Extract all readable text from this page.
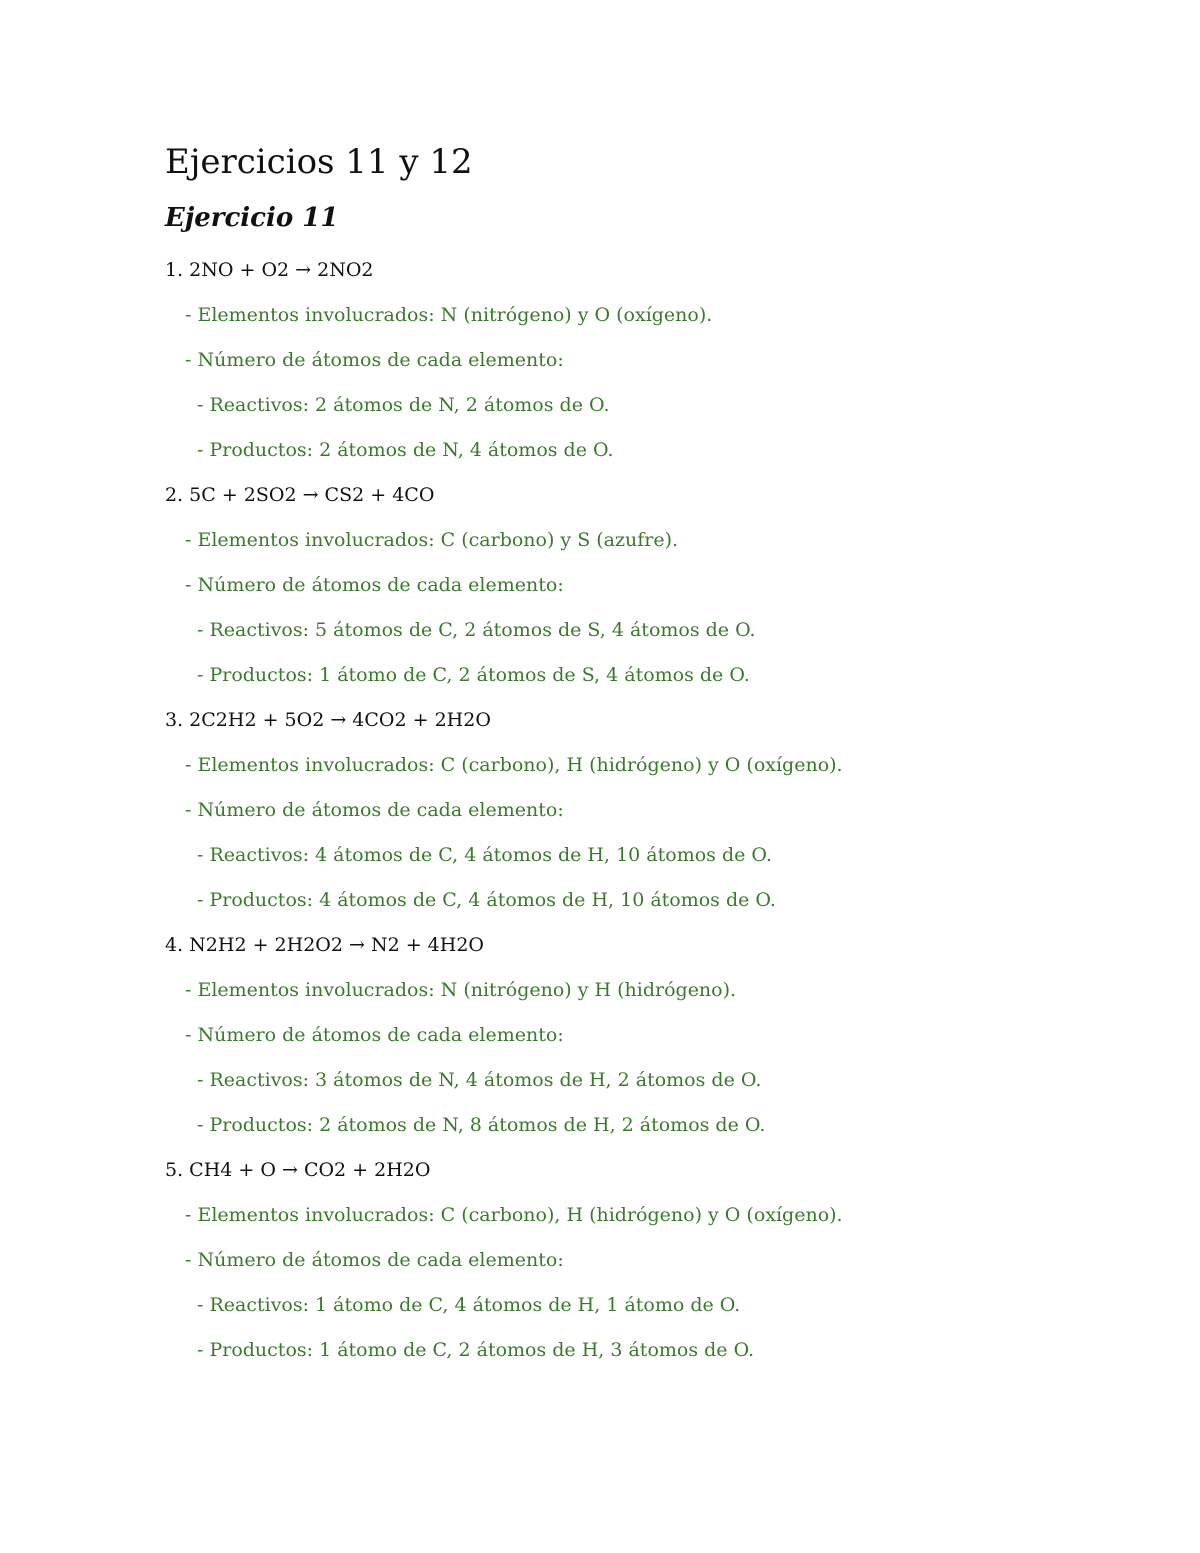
Ejercicios 11 y 12
Ejercicio 11
1. 2NO + O2 → 2NO2
- Elementos involucrados: N (nitrógeno) y O (oxígeno).
- Número de átomos de cada elemento:
- Reactivos: 2 átomos de N, 2 átomos de O.
- Productos: 2 átomos de N, 4 átomos de O.
2. 5C + 2SO2 → CS2 + 4CO
- Elementos involucrados: C (carbono) y S (azufre).
- Número de átomos de cada elemento:
- Reactivos: 5 átomos de C, 2 átomos de S, 4 átomos de O.
- Productos: 1 átomo de C, 2 átomos de S, 4 átomos de O.
3. 2C2H2 + 5O2 → 4CO2 + 2H2O
- Elementos involucrados: C (carbono), H (hidrógeno) y O (oxígeno).
- Número de átomos de cada elemento:
- Reactivos: 4 átomos de C, 4 átomos de H, 10 átomos de O.
- Productos: 4 átomos de C, 4 átomos de H, 10 átomos de O.
4. N2H2 + 2H2O2 → N2 + 4H2O
- Elementos involucrados: N (nitrógeno) y H (hidrógeno).
- Número de átomos de cada elemento:
- Reactivos: 3 átomos de N, 4 átomos de H, 2 átomos de O.
- Productos: 2 átomos de N, 8 átomos de H, 2 átomos de O.
5. CH4 + O → CO2 + 2H2O
- Elementos involucrados: C (carbono), H (hidrógeno) y O (oxígeno).
- Número de átomos de cada elemento:
- Reactivos: 1 átomo de C, 4 átomos de H, 1 átomo de O.
- Productos: 1 átomo de C, 2 átomos de H, 3 átomos de O.
